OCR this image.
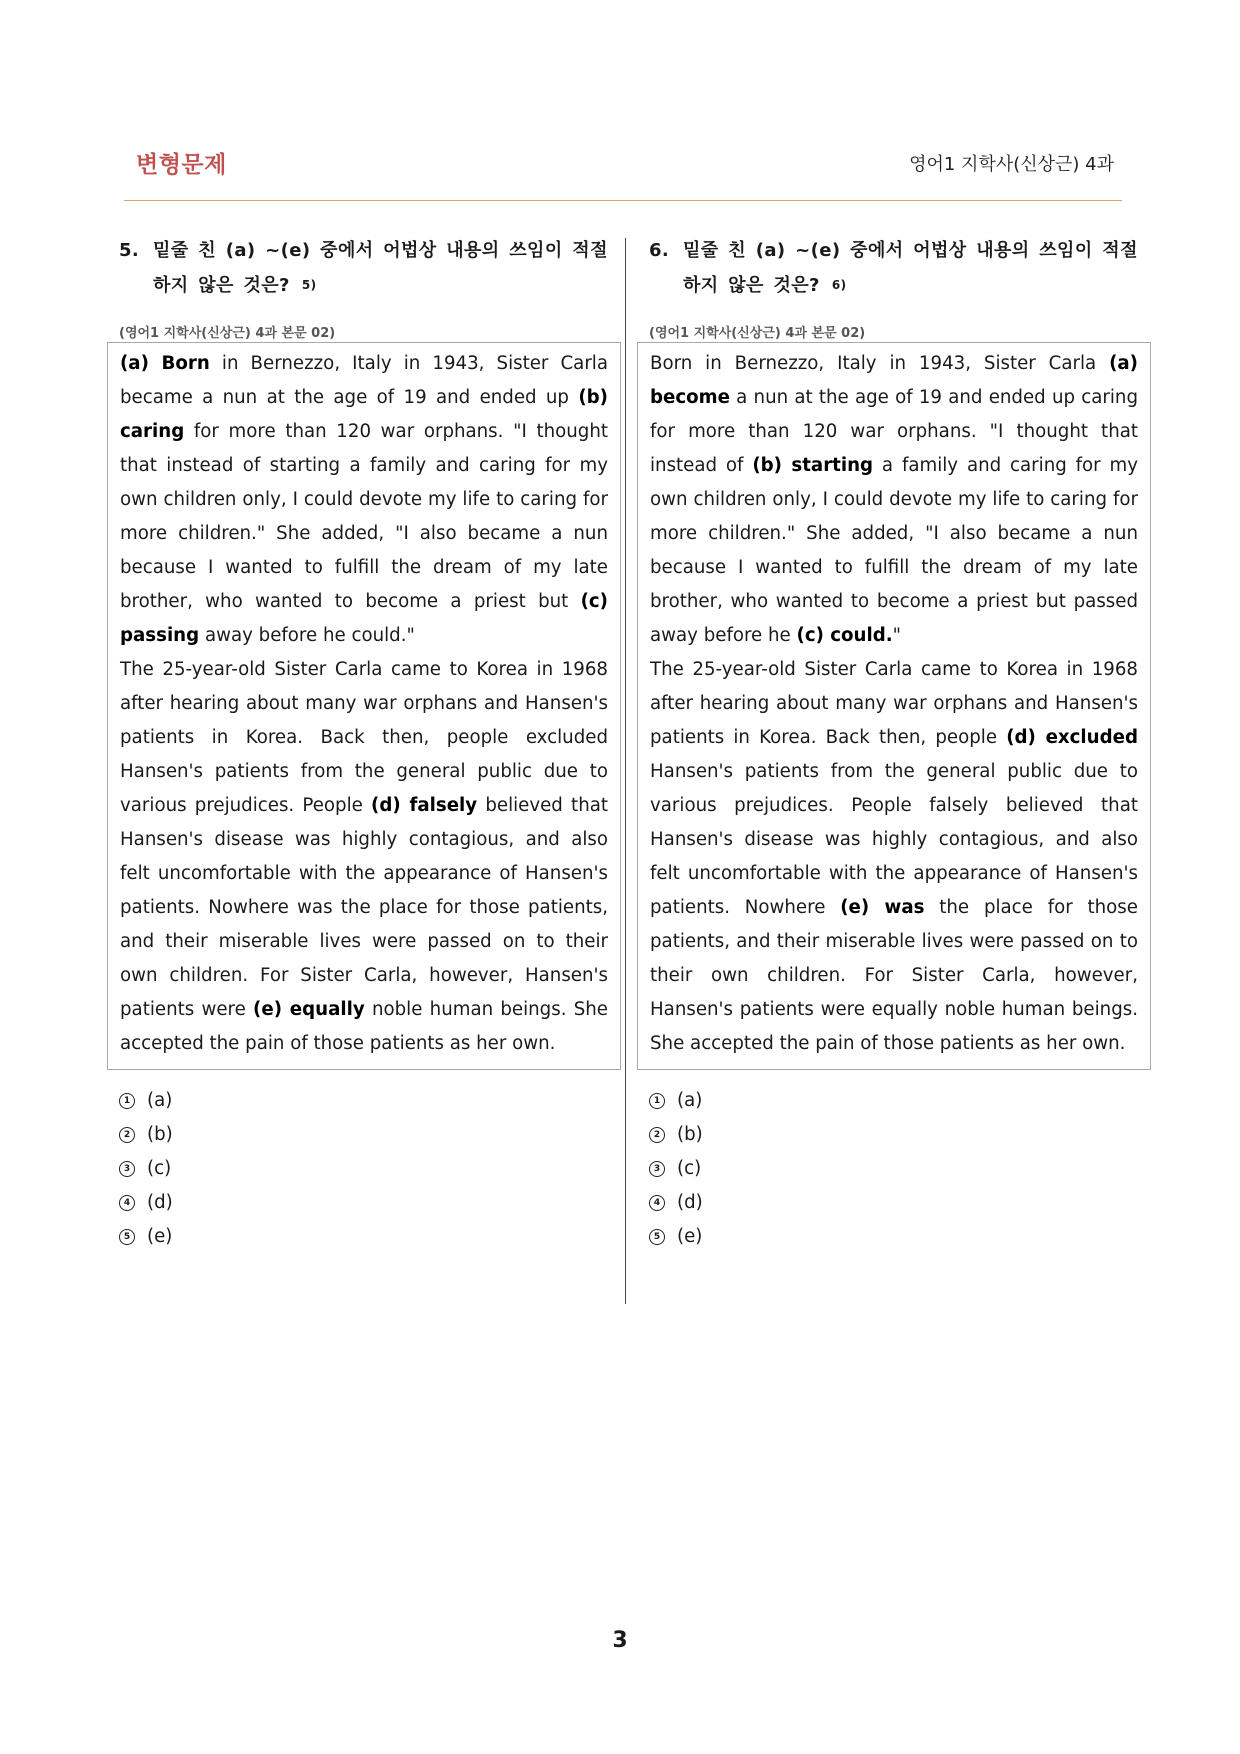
변형문제	영어1 지학사(신상근) 4과
5. 밑줄 친 (a) ~(e) 중에서 어법상 내용의 쓰임이 적절하지 않은 것은? 5)
(영어1 지학사(신상근) 4과 본문 02)

(a) Born in Bernezzo, Italy in 1943, Sister Carla became a nun at the age of 19 and ended up (b) caring for more than 120 war orphans. "I thought that instead of starting a family and caring for my own children only, I could devote my life to caring for more children." She added, "I also became a nun because I wanted to fulfill the dream of my late brother, who wanted to become a priest but (c) passing away before he could."

The 25-year-old Sister Carla came to Korea in 1968 after hearing about many war orphans and Hansen's patients in Korea. Back then, people excluded Hansen's patients from the general public due to various prejudices. People (d) falsely believed that Hansen's disease was highly contagious, and also felt uncomfortable with the appearance of Hansen's patients. Nowhere was the place for those patients, and their miserable lives were passed on to their own children. For Sister Carla, however, Hansen's patients were (e) equally noble human beings. She accepted the pain of those patients as her own.

1 (a)
2 (b)
3 (c)
4 (d)
5 (e)
6. 밑줄 친 (a) ~(e) 중에서 어법상 내용의 쓰임이 적절하지 않은 것은? 6)
(영어1 지학사(신상근) 4과 본문 02)

Born in Bernezzo, Italy in 1943, Sister Carla (a) become a nun at the age of 19 and ended up caring for more than 120 war orphans. "I thought that instead of (b) starting a family and caring for my own children only, I could devote my life to caring for more children." She added, "I also became a nun because I wanted to fulfill the dream of my late brother, who wanted to become a priest but passed away before he (c) could."

The 25-year-old Sister Carla came to Korea in 1968 after hearing about many war orphans and Hansen's patients in Korea. Back then, people (d) excluded Hansen's patients from the general public due to various prejudices. People falsely believed that Hansen's disease was highly contagious, and also felt uncomfortable with the appearance of Hansen's patients. Nowhere (e) was the place for those patients, and their miserable lives were passed on to their own children. For Sister Carla, however, Hansen's patients were equally noble human beings. She accepted the pain of those patients as her own.

1 (a)
2 (b)
3 (c)
4 (d)
5 (e)
3
